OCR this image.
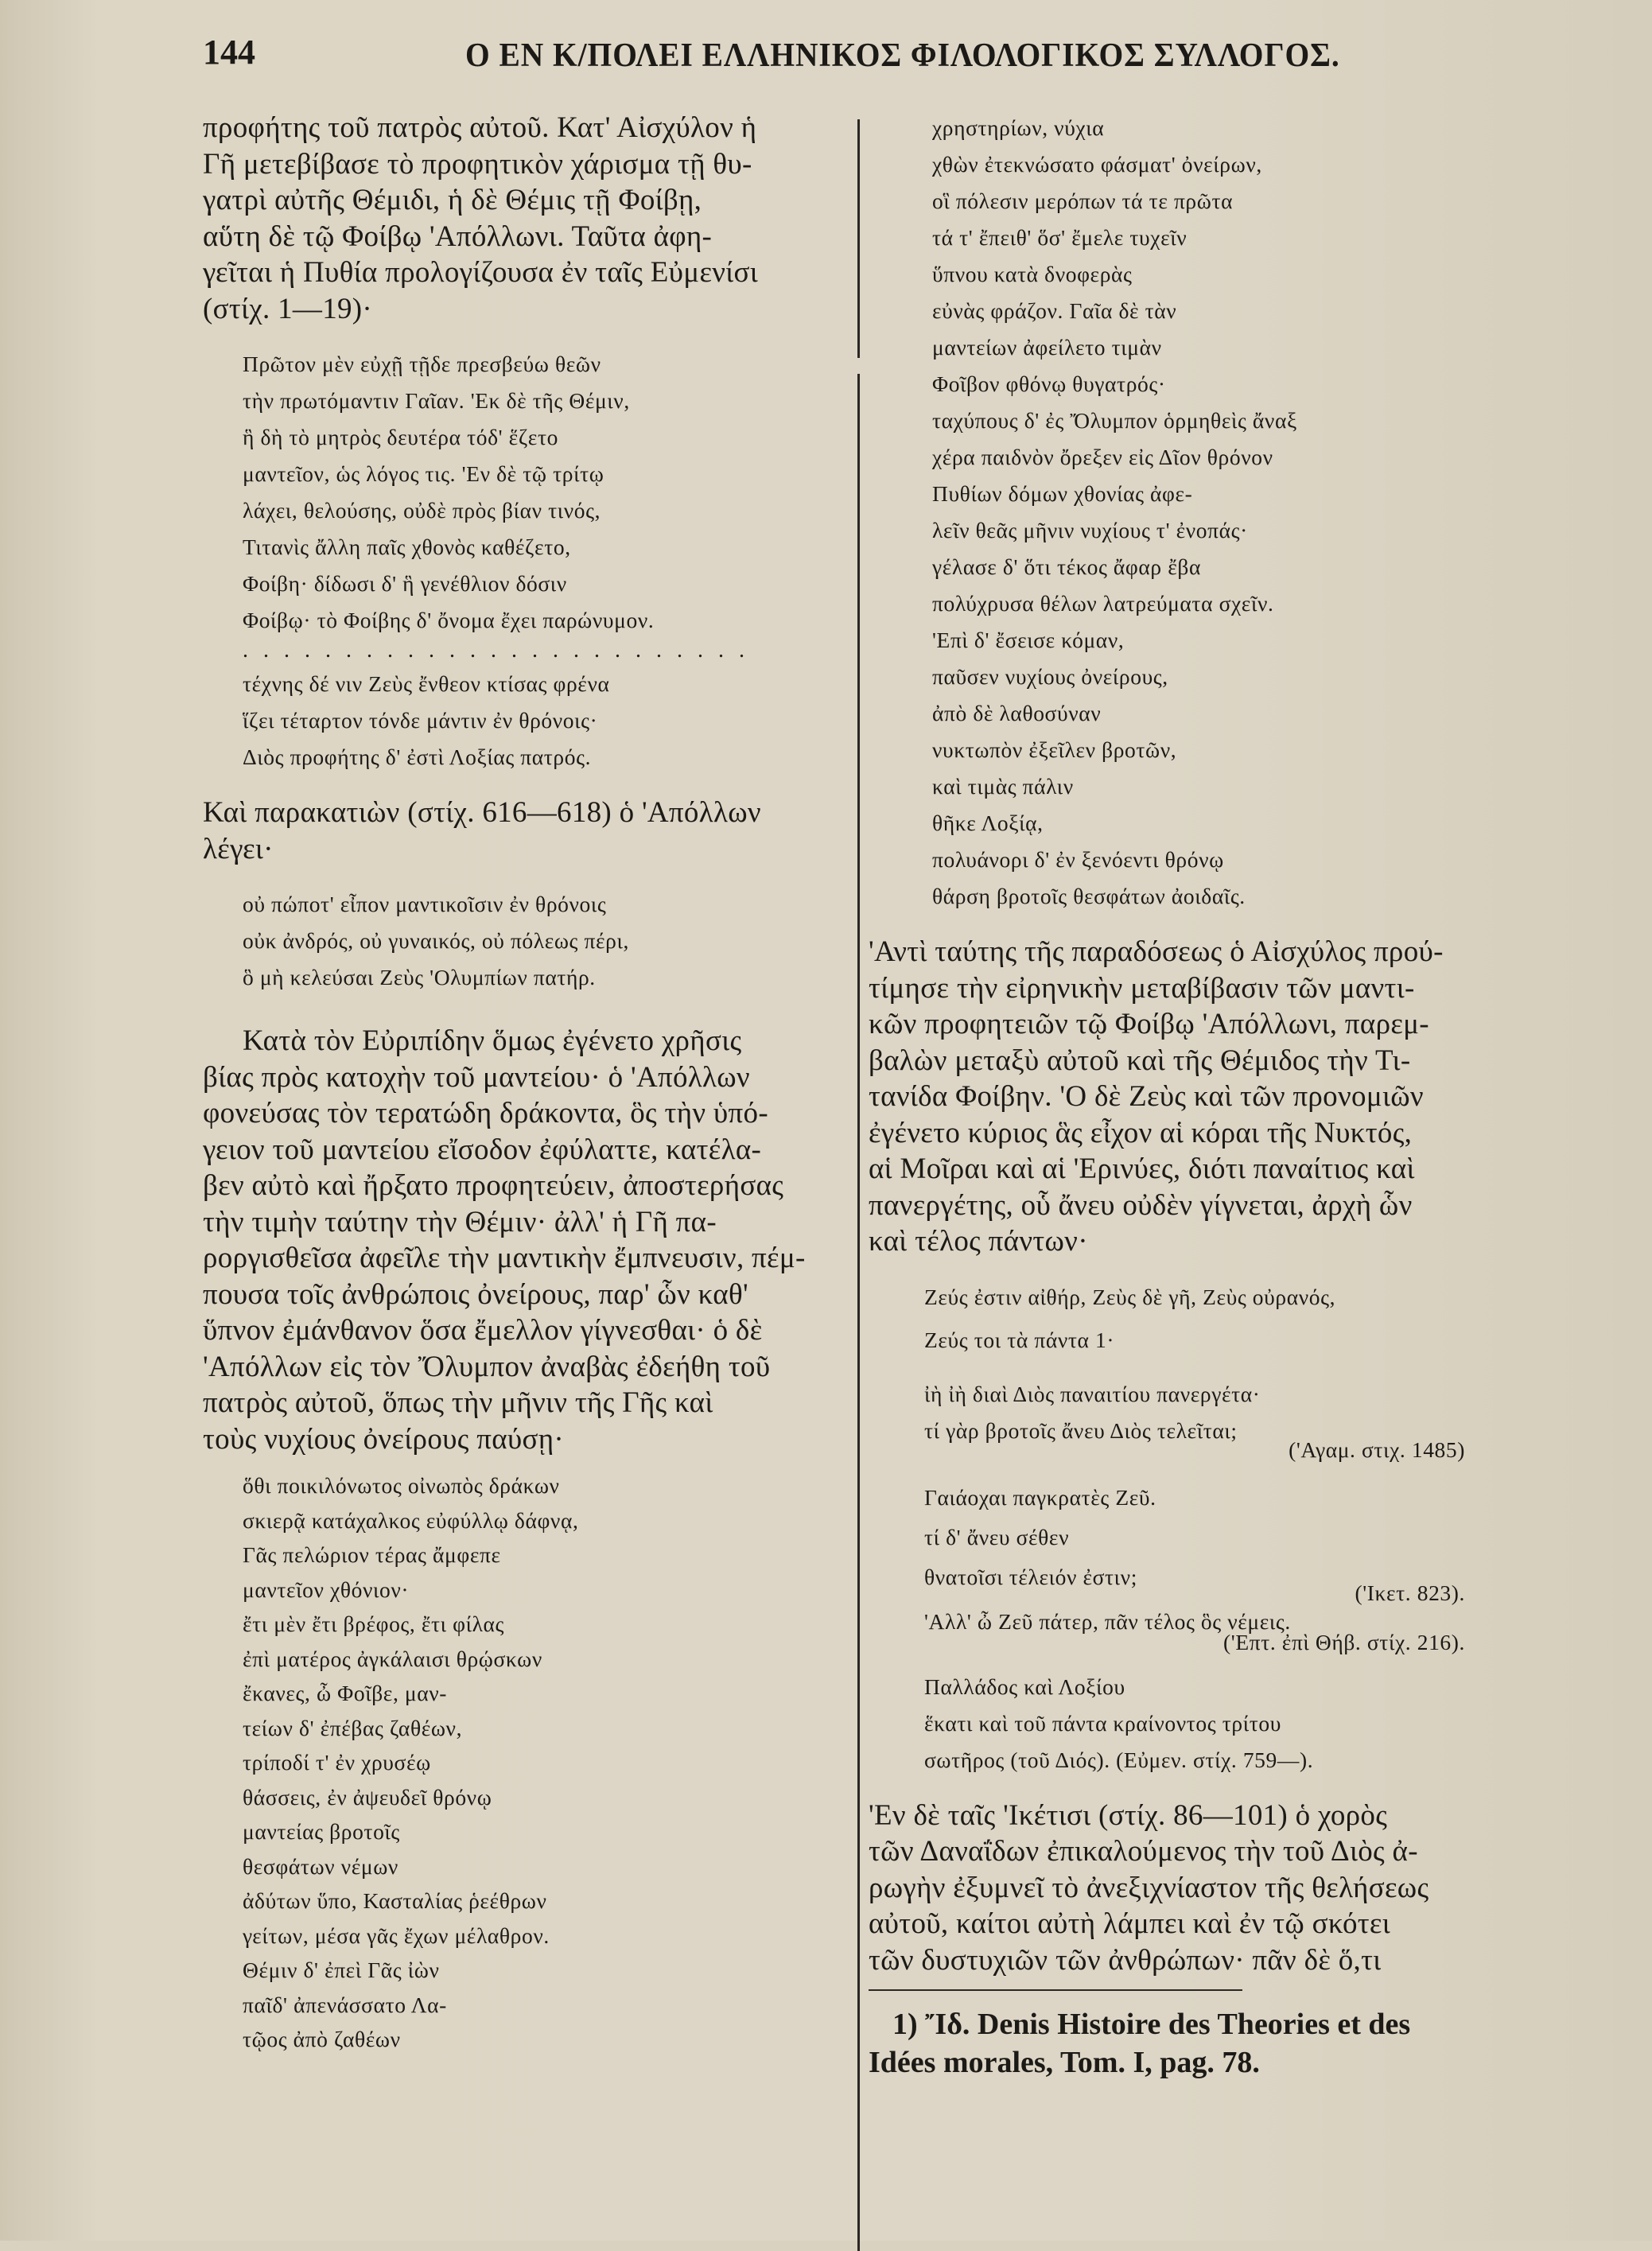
144	Ο ΕΝ Κ/ΠΟΛΕΙ ΕΛΛΗΝΙΚΟΣ ΦΙΛΟΛΟΓΙΚΟΣ ΣΥΛΛΟΓΟΣ.
προφήτης τοῦ πατρὸς αὐτοῦ. Κατ' Αἰσχύλον ἡ
Γῆ μετεβίβασε τὸ προφητικὸν χάρισμα τῇ θυ-
γατρὶ αὐτῆς Θέμιδι, ἡ δὲ Θέμις τῇ Φοίβῃ,
αὕτη δὲ τῷ Φοίβῳ 'Απόλλωνι. Ταῦτα ἀφη-
γεῖται ἡ Πυθία προλογίζουσα ἐν ταῖς Εὐμενίσι
(στίχ. 1—19)·
Πρῶτον μὲν εὐχῇ τῇδε πρεσβεύω θεῶν
τὴν πρωτόμαντιν Γαῖαν. 'Εκ δὲ τῆς Θέμιν,
ἣ δὴ τὸ μητρὸς δευτέρα τόδ' ἕζετο
μαντεῖον, ὡς λόγος τις. 'Εν δὲ τῷ τρίτῳ
λάχει, θελούσης, οὐδὲ πρὸς βίαν τινός,
Τιτανὶς ἄλλη παῖς χθονὸς καθέζετο,
Φοίβη· δίδωσι δ' ἣ γενέθλιον δόσιν
Φοίβῳ· τὸ Φοίβης δ' ὄνομα ἔχει παρώνυμον.
. . . . . . . . . . . . . . . . . . . . . . . . .
τέχνης δέ νιν Ζεὺς ἔνθεον κτίσας φρένα
ἵζει τέταρτον τόνδε μάντιν ἐν θρόνοις·
Διὸς προφήτης δ' ἐστὶ Λοξίας πατρός.
Καὶ παρακατιὼν (στίχ. 616—618) ὁ 'Απόλλων
λέγει·
οὐ πώποτ' εἶπον μαντικοῖσιν ἐν θρόνοις
οὐκ ἀνδρός, οὐ γυναικός, οὐ πόλεως πέρι,
ὃ μὴ κελεύσαι Ζεὺς 'Ολυμπίων πατήρ.
Κατὰ τὸν Εὐριπίδην ὅμως ἐγένετο χρῆσις
βίας πρὸς κατοχὴν τοῦ μαντείου· ὁ 'Απόλλων
φονεύσας τὸν τερατώδη δράκοντα, ὃς τὴν ὑπό-
γειον τοῦ μαντείου εἴσοδον ἐφύλαττε, κατέλα-
βεν αὐτὸ καὶ ἤρξατο προφητεύειν, ἀποστερήσας
τὴν τιμὴν ταύτην τὴν Θέμιν· ἀλλ' ἡ Γῆ πα-
ροργισθεῖσα ἀφεῖλε τὴν μαντικὴν ἔμπνευσιν, πέμ-
πουσα τοῖς ἀνθρώποις ὀνείρους, παρ' ὧν καθ'
ὕπνον ἐμάνθανον ὅσα ἔμελλον γίγνεσθαι· ὁ δὲ
'Απόλλων εἰς τὸν Ὄλυμπον ἀναβὰς ἐδεήθη τοῦ
πατρὸς αὐτοῦ, ὅπως τὴν μῆνιν τῆς Γῆς καὶ
τοὺς νυχίους ὀνείρους παύσῃ·
ὅθι ποικιλόνωτος οἰνωπὸς δράκων
σκιερᾷ κατάχαλκος εὐφύλλῳ δάφνᾳ,
Γᾶς πελώριον τέρας ἄμφεπε
μαντεῖον χθόνιον·
ἔτι μὲν ἔτι βρέφος, ἔτι φίλας
ἐπὶ ματέρος ἀγκάλαισι θρῴσκων
ἔκανες, ὦ Φοῖβε, μαν-
τείων δ' ἐπέβας ζαθέων,
τρίποδί τ' ἐν χρυσέῳ
θάσσεις, ἐν ἀψευδεῖ θρόνῳ
μαντείας βροτοῖς
θεσφάτων νέμων
ἀδύτων ὕπο, Κασταλίας ῥεέθρων
γείτων, μέσα γᾶς ἔχων μέλαθρον.
Θέμιν δ' ἐπεὶ Γᾶς ἰὼν
παῖδ' ἀπενάσσατο Λα-
τῷος ἀπὸ ζαθέων
χρηστηρίων, νύχια
χθὼν ἐτεκνώσατο φάσματ' ὀνείρων,
οἳ πόλεσιν μερόπων τά τε πρῶτα
τά τ' ἔπειθ' ὅσ' ἔμελε τυχεῖν
ὕπνου κατὰ δνοφερὰς
εὐνὰς φράζον. Γαῖα δὲ τὰν
μαντείων ἀφείλετο τιμὰν
Φοῖβον φθόνῳ θυγατρός·
ταχύπους δ' ἐς Ὄλυμπον ὁρμηθεὶς ἄναξ
χέρα παιδνὸν ὄρεξεν εἰς Δῖον θρόνον
Πυθίων δόμων χθονίας ἀφε-
λεῖν θεᾶς μῆνιν νυχίους τ' ἐνοπάς·
γέλασε δ' ὅτι τέκος ἄφαρ ἔβα
πολύχρυσα θέλων λατρεύματα σχεῖν.
'Επὶ δ' ἔσεισε κόμαν,
παῦσεν νυχίους ὀνείρους,
ἀπὸ δὲ λαθοσύναν
νυκτωπὸν ἐξεῖλεν βροτῶν,
καὶ τιμὰς πάλιν
θῆκε Λοξίᾳ,
πολυάνορι δ' ἐν ξενόεντι θρόνῳ
θάρση βροτοῖς θεσφάτων ἀοιδαῖς.
'Αντὶ ταύτης τῆς παραδόσεως ὁ Αἰσχύλος πρού-
τίμησε τὴν εἰρηνικὴν μεταβίβασιν τῶν μαντι-
κῶν προφητειῶν τῷ Φοίβῳ 'Απόλλωνι, παρεμ-
βαλὼν μεταξὺ αὐτοῦ καὶ τῆς Θέμιδος τὴν Τι-
τανίδα Φοίβην. 'Ο δὲ Ζεὺς καὶ τῶν προνομιῶν
ἐγένετο κύριος ἃς εἶχον αἱ κόραι τῆς Νυκτός,
αἱ Μοῖραι καὶ αἱ 'Ερινύες, διότι παναίτιος καὶ
πανεργέτης, οὗ ἄνευ οὐδὲν γίγνεται, ἀρχὴ ὧν
καὶ τέλος πάντων·
Ζεύς ἐστιν αἰθήρ, Ζεὺς δὲ γῆ, Ζεὺς οὐρανός,
Ζεύς τοι τὰ πάντα 1·
ἰὴ ἰὴ διαὶ Διὸς παναιτίου πανεργέτα·
τί γὰρ βροτοῖς ἄνευ Διὸς τελεῖται;
('Αγαμ. στιχ. 1485)
Γαιάοχαι παγκρατὲς Ζεῦ.
τί δ' ἄνευ σέθεν
θνατοῖσι τέλειόν ἐστιν;
('Ικετ. 823).
'Αλλ' ὦ Ζεῦ πάτερ, πᾶν τέλος ὃς νέμεις.
('Επτ. ἐπὶ Θήβ. στίχ. 216).
Παλλάδος καὶ Λοξίου
ἕκατι καὶ τοῦ πάντα κραίνοντος τρίτου
σωτῆρος (τοῦ Διός). (Εὐμεν. στίχ. 759—).
'Εν δὲ ταῖς 'Ικέτισι (στίχ. 86—101) ὁ χορὸς
τῶν Δαναΐδων ἐπικαλούμενος τὴν τοῦ Διὸς ἀ-
ρωγὴν ἐξυμνεῖ τὸ ἀνεξιχνίαστον τῆς θελήσεως
αὐτοῦ, καίτοι αὐτὴ λάμπει καὶ ἐν τῷ σκότει
τῶν δυστυχιῶν τῶν ἀνθρώπων· πᾶν δὲ ὅ,τι
1) Ἴδ. Denis Histoire des Theories et des
Idées morales, Tom. I, pag. 78.
